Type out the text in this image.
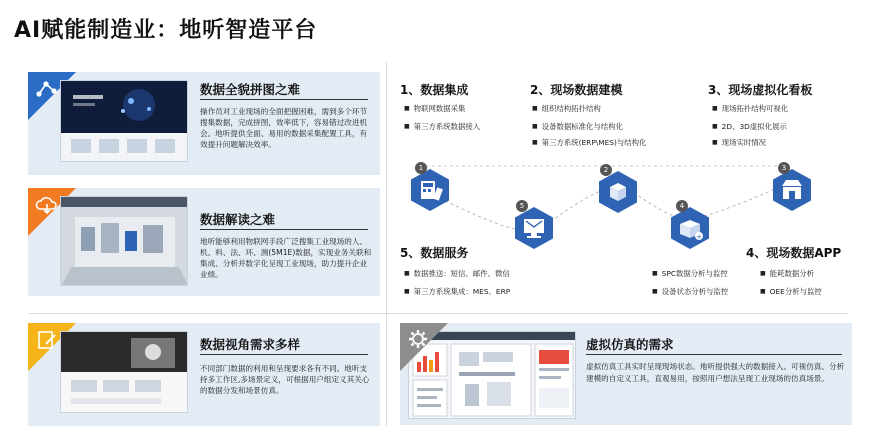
AI赋能制造业：地听智造平台
数据全貌拼图之难
操作员对工业现场的全面把握困难，需到多个环节搜集数据，完成拼图，效率低下，容易错过改进机会。地听提供全面、易用的数据采集配置工具，有效提升问题解决效率。
数据解读之难
地听能够利用物联网手段广泛搜集工业现场的人、机、料、法、环、测(5M1E)数据，实现业务关联和集成、分析并数字化呈现工业现场，助力提升企业业绩。
数据视角需求多样
不同部门数据的利用和呈现要求各有不同。地听支持多工作区,多场景定义，可根据用户组定义其关心的数据分发和场景仿真。
1、数据集成
■ 物联网数据采集
■ 第三方系统数据接入
2、现场数据建模
■ 组织结构拓扑结构
■ 设备数据标准化与结构化
■ 第三方系统(ERP\MES)与结构化
3、现场虚拟化看板
■ 现场拓扑结构可视化
■ 2D、3D虚拟化展示
■ 现场实时情况
1	2	3
+
4
5
5、数据服务
■ 数据推送：短信、邮件、微信
■ 第三方系统集成：MES、ERP
4、现场数据APP
■ SPC数据分析与监控
■ 设备状态分析与监控
■ 能耗数据分析
■ OEE分析与监控
虚拟仿真的需求
虚拟仿真工具实时呈现现场状态。地听提供强大的数据接入、可视仿真、分析建模的自定义工具，直观易用，按照用户想法呈现工业现场的仿真场景。
